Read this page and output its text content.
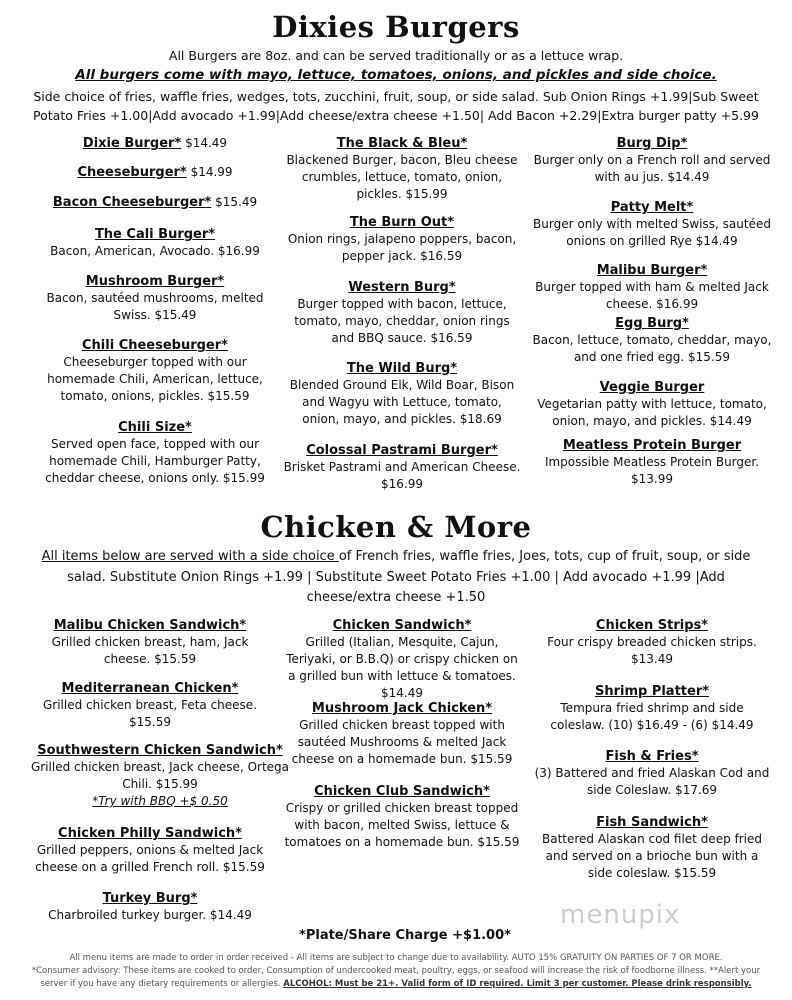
Dixies Burgers
All Burgers are 8oz. and can be served traditionally or as a lettuce wrap.
All burgers come with mayo, lettuce, tomatoes, onions, and pickles and side choice.
Side choice of fries, waffle fries, wedges, tots, zucchini, fruit, soup, or side salad. Sub Onion Rings +1.99|Sub Sweet
Potato Fries +1.00|Add avocado +1.99|Add cheese/extra cheese +1.50| Add Bacon +2.29|Extra burger patty +5.99
Dixie Burger* $14.49
Cheeseburger* $14.99
Bacon Cheeseburger* $15.49
The Cali Burger*
Bacon, American, Avocado. $16.99
Mushroom Burger*
Bacon, sautéed mushrooms, melted Swiss. $15.49
Chili Cheeseburger*
Cheeseburger topped with our homemade Chili, American, lettuce, tomato, onions, pickles. $15.59
Chili Size*
Served open face, topped with our homemade Chili, Hamburger Patty, cheddar cheese, onions only. $15.99
The Black & Bleu*
Blackened Burger, bacon, Bleu cheese crumbles, lettuce, tomato, onion, pickles. $15.99
The Burn Out*
Onion rings, jalapeno poppers, bacon, pepper jack. $16.59
Western Burg*
Burger topped with bacon, lettuce, tomato, mayo, cheddar, onion rings and BBQ sauce. $16.59
The Wild Burg*
Blended Ground Elk, Wild Boar, Bison and Wagyu with Lettuce, tomato, onion, mayo, and pickles. $18.69
Colossal Pastrami Burger*
Brisket Pastrami and American Cheese. $16.99
Burg Dip*
Burger only on a French roll and served with au jus. $14.49
Patty Melt*
Burger only with melted Swiss, sautéed onions on grilled Rye $14.49
Malibu Burger*
Burger topped with ham & melted Jack cheese. $16.99
Egg Burg*
Bacon, lettuce, tomato, cheddar, mayo, and one fried egg. $15.59
Veggie Burger
Vegetarian patty with lettuce, tomato, onion, mayo, and pickles. $14.49
Meatless Protein Burger
Impossible Meatless Protein Burger. $13.99
Chicken & More
All items below are served with a side choice of French fries, waffle fries, Joes, tots, cup of fruit, soup, or side
salad. Substitute Onion Rings +1.99 | Substitute Sweet Potato Fries +1.00 | Add avocado +1.99 |Add
cheese/extra cheese +1.50
Malibu Chicken Sandwich*
Grilled chicken breast, ham, Jack cheese. $15.59
Mediterranean Chicken*
Grilled chicken breast, Feta cheese. $15.59
Southwestern Chicken Sandwich*
Grilled chicken breast, Jack cheese, Ortega Chili. $15.99
*Try with BBQ +$ 0.50
Chicken Philly Sandwich*
Grilled peppers, onions & melted Jack cheese on a grilled French roll. $15.59
Turkey Burg*
Charbroiled turkey burger. $14.49
Chicken Sandwich*
Grilled (Italian, Mesquite, Cajun, Teriyaki, or B.B.Q) or crispy chicken on a grilled bun with lettuce & tomatoes. $14.49
Mushroom Jack Chicken*
Grilled chicken breast topped with sautéed Mushrooms & melted Jack cheese on a homemade bun. $15.59
Chicken Club Sandwich*
Crispy or grilled chicken breast topped with bacon, melted Swiss, lettuce & tomatoes on a homemade bun. $15.59
Chicken Strips*
Four crispy breaded chicken strips. $13.49
Shrimp Platter*
Tempura fried shrimp and side coleslaw. (10) $16.49 - (6) $14.49
Fish & Fries*
(3) Battered and fried Alaskan Cod and side Coleslaw. $17.69
Fish Sandwich*
Battered Alaskan cod filet deep fried and served on a brioche bun with a side coleslaw. $15.59
menupix
*Plate/Share Charge +$1.00*
All menu items are made to order in order received - All items are subject to change due to availability. AUTO 15% GRATUITY ON PARTIES OF 7 OR MORE.
*Consumer advisory: These items are cooked to order, Consumption of undercooked meat, poultry, eggs, or seafood will increase the risk of foodborne illness. **Alert your
server if you have any dietary requirements or allergies. ALCOHOL: Must be 21+. Valid form of ID required. Limit 3 per customer. Please drink responsibly.
